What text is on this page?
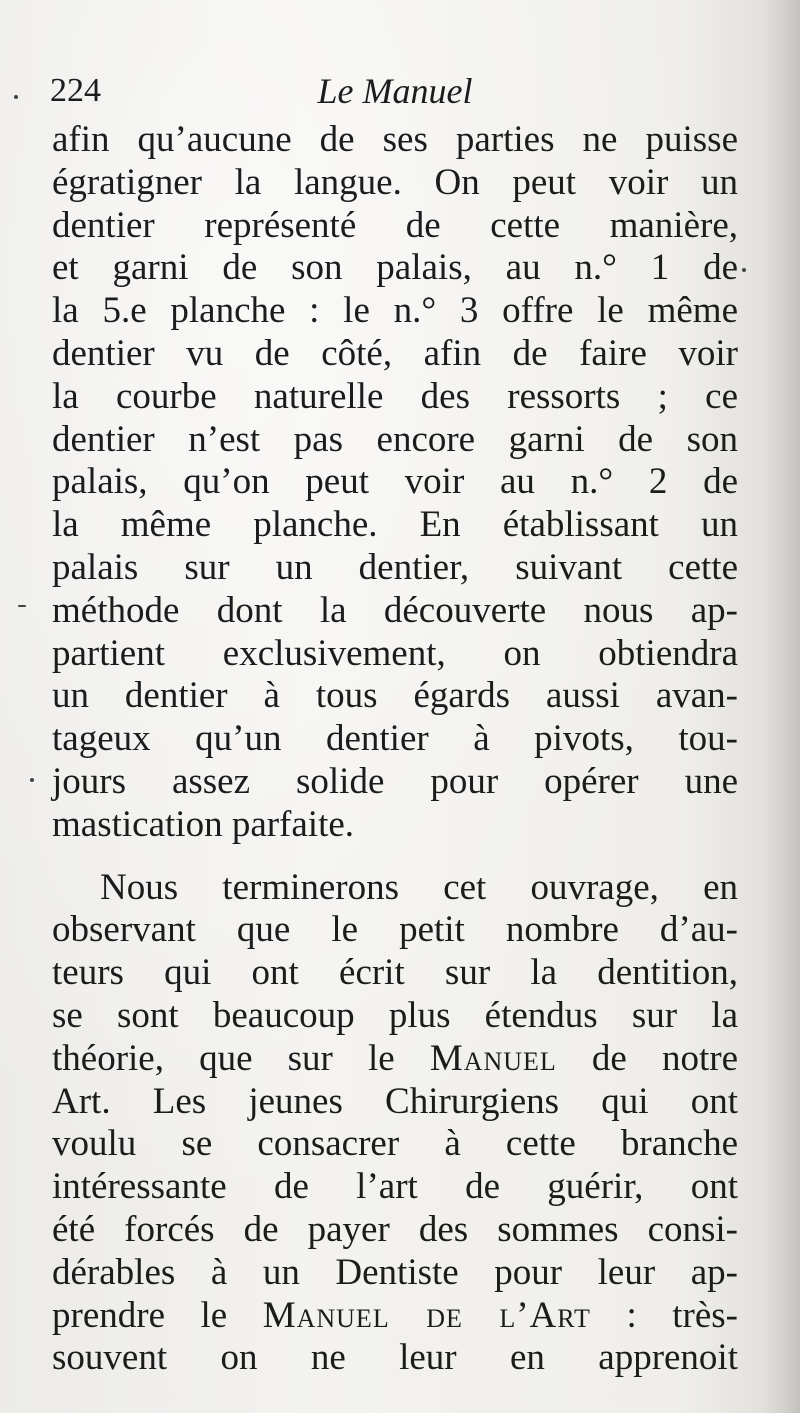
224	Le Manuel
afin qu’aucune de ses parties ne puisse
égratigner la langue. On peut voir un
dentier représenté de cette manière,
et garni de son palais, au n.° 1 de
la 5.e planche : le n.° 3 offre le même
dentier vu de côté, afin de faire voir
la courbe naturelle des ressorts ; ce
dentier n’est pas encore garni de son
palais, qu’on peut voir au n.° 2 de
la même planche. En établissant un
palais sur un dentier, suivant cette
méthode dont la découverte nous ap-
partient exclusivement, on obtiendra
un dentier à tous égards aussi avan-
tageux qu’un dentier à pivots, tou-
jours assez solide pour opérer une
mastication parfaite.
Nous terminerons cet ouvrage, en
observant que le petit nombre d’au-
teurs qui ont écrit sur la dentition,
se sont beaucoup plus étendus sur la
théorie, que sur le Manuel de notre
Art. Les jeunes Chirurgiens qui ont
voulu se consacrer à cette branche
intéressante de l’art de guérir, ont
été forcés de payer des sommes consi-
dérables à un Dentiste pour leur ap-
prendre le Manuel de l’Art : très-
souvent on ne leur en apprenoit
